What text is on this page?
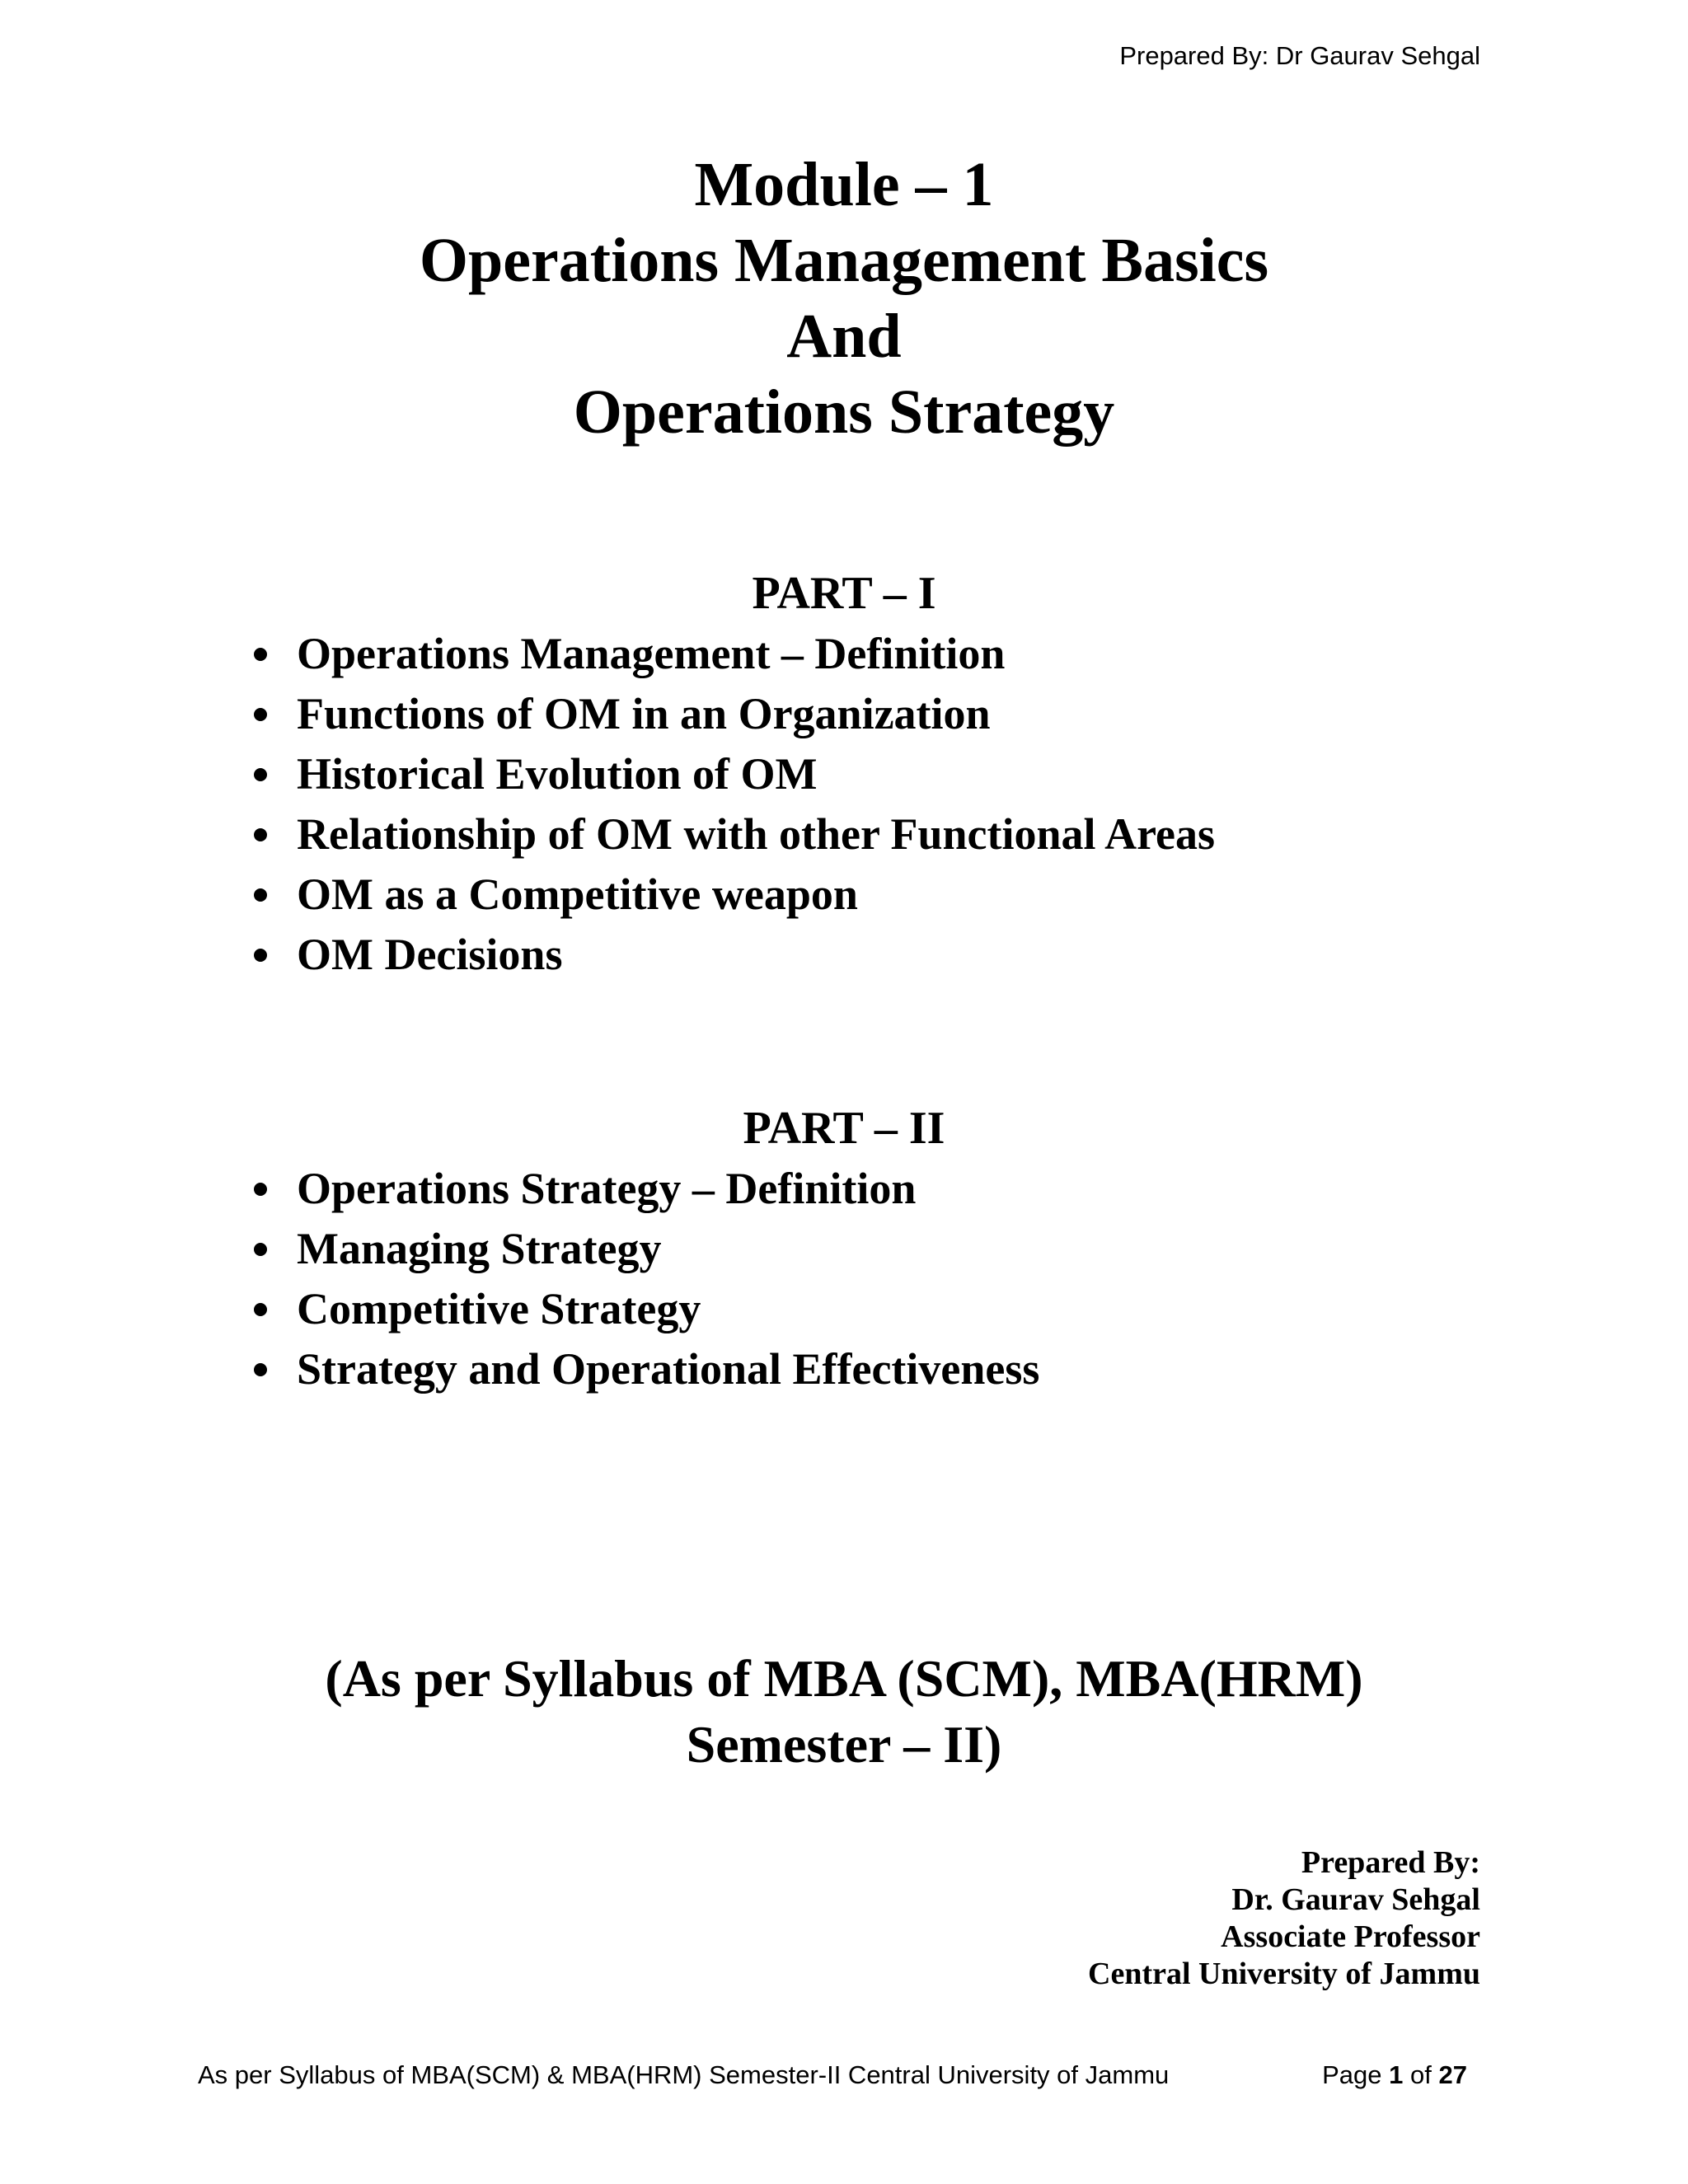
Prepared By: Dr Gaurav Sehgal
Module – 1
Operations Management Basics
And
Operations Strategy
PART – I
Operations Management – Definition
Functions of OM in an Organization
Historical Evolution of OM
Relationship of OM with other Functional Areas
OM as a Competitive weapon
OM Decisions
PART – II
Operations Strategy – Definition
Managing Strategy
Competitive Strategy
Strategy and Operational Effectiveness
(As per Syllabus of MBA (SCM), MBA(HRM)
Semester – II)
Prepared By:
Dr. Gaurav Sehgal
Associate Professor
Central University of Jammu
As per Syllabus of MBA(SCM) & MBA(HRM) Semester-II Central University of Jammu	Page 1 of 27
